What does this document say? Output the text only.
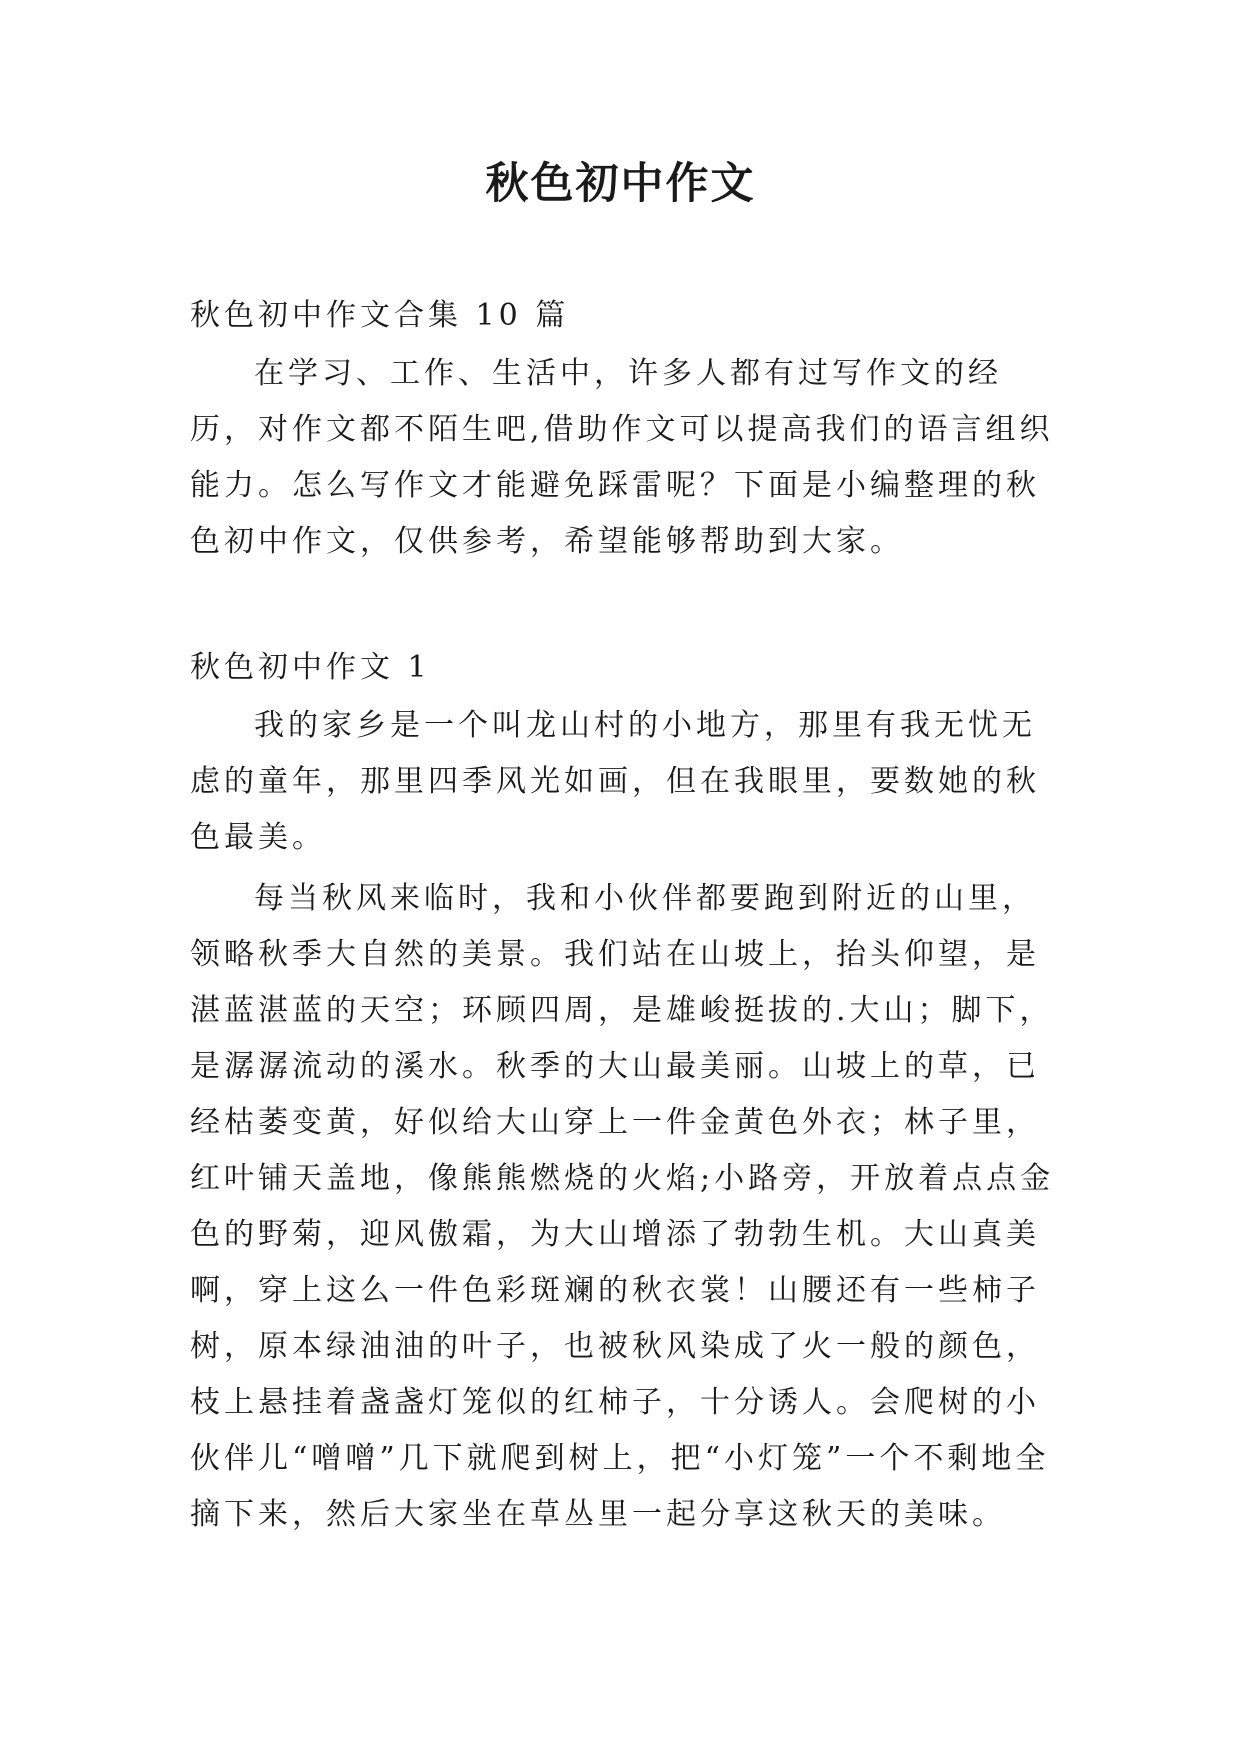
秋色初中作文

秋色初中作文合集 10 篇

在学习、工作、生活中，许多人都有过写作文的经历，对作文都不陌生吧,借助作文可以提高我们的语言组织能力。怎么写作文才能避免踩雷呢？下面是小编整理的秋色初中作文，仅供参考，希望能够帮助到大家。

秋色初中作文 1

我的家乡是一个叫龙山村的小地方，那里有我无忧无虑的童年，那里四季风光如画，但在我眼里，要数她的秋色最美。

每当秋风来临时，我和小伙伴都要跑到附近的山里，领略秋季大自然的美景。我们站在山坡上，抬头仰望，是湛蓝湛蓝的天空；环顾四周，是雄峻挺拔的.大山；脚下，是潺潺流动的溪水。秋季的大山最美丽。山坡上的草，已经枯萎变黄，好似给大山穿上一件金黄色外衣；林子里，红叶铺天盖地，像熊熊燃烧的火焰;小路旁，开放着点点金色的野菊，迎风傲霜，为大山增添了勃勃生机。大山真美啊，穿上这么一件色彩斑斓的秋衣裳！山腰还有一些柿子树，原本绿油油的叶子，也被秋风染成了火一般的颜色，枝上悬挂着盏盏灯笼似的红柿子，十分诱人。会爬树的小伙伴儿“噌噌”几下就爬到树上，把“小灯笼”一个不剩地全摘下来，然后大家坐在草丛里一起分享这秋天的美味。
